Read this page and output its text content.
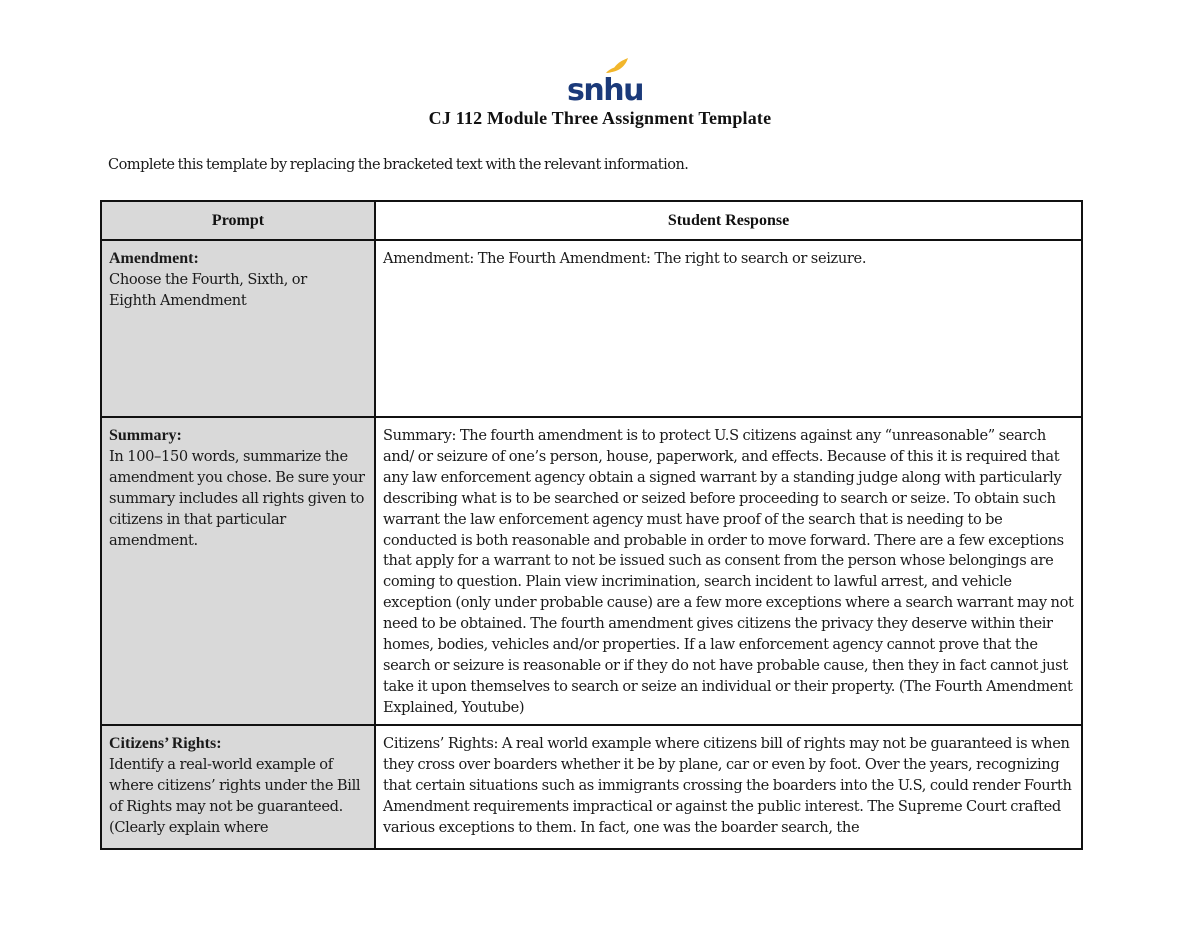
snhu
CJ 112 Module Three Assignment Template
Complete this template by replacing the bracketed text with the relevant information.
Prompt	Student Response

Amendment:
Choose the Fourth, Sixth, or Eighth Amendment	Amendment: The Fourth Amendment: The right to search or seizure.

Summary:
In 100–150 words, summarize the amendment you chose. Be sure your summary includes all rights given to citizens in that particular amendment.	Summary: The fourth amendment is to protect U.S citizens against any “unreasonable” search and/ or seizure of one’s person, house, paperwork, and effects. Because of this it is required that any law enforcement agency obtain a signed warrant by a standing judge along with particularly describing what is to be searched or seized before proceeding to search or seize. To obtain such warrant the law enforcement agency must have proof of the search that is needing to be conducted is both reasonable and probable in order to move forward. There are a few exceptions that apply for a warrant to not be issued such as consent from the person whose belongings are coming to question. Plain view incrimination, search incident to lawful arrest, and vehicle exception (only under probable cause) are a few more exceptions where a search warrant may not need to be obtained. The fourth amendment gives citizens the privacy they deserve within their homes, bodies, vehicles and/or properties. If a law enforcement agency cannot prove that the search or seizure is reasonable or if they do not have probable cause, then they in fact cannot just take it upon themselves to search or seize an individual or their property. (The Fourth Amendment Explained, Youtube)

Citizens’ Rights:
Identify a real-world example of where citizens’ rights under the Bill of Rights may not be guaranteed. (Clearly explain where	Citizens’ Rights: A real world example where citizens bill of rights may not be guaranteed is when they cross over boarders whether it be by plane, car or even by foot. Over the years, recognizing that certain situations such as immigrants crossing the boarders into the U.S, could render Fourth Amendment requirements impractical or against the public interest. The Supreme Court crafted various exceptions to them. In fact, one was the boarder search, the
